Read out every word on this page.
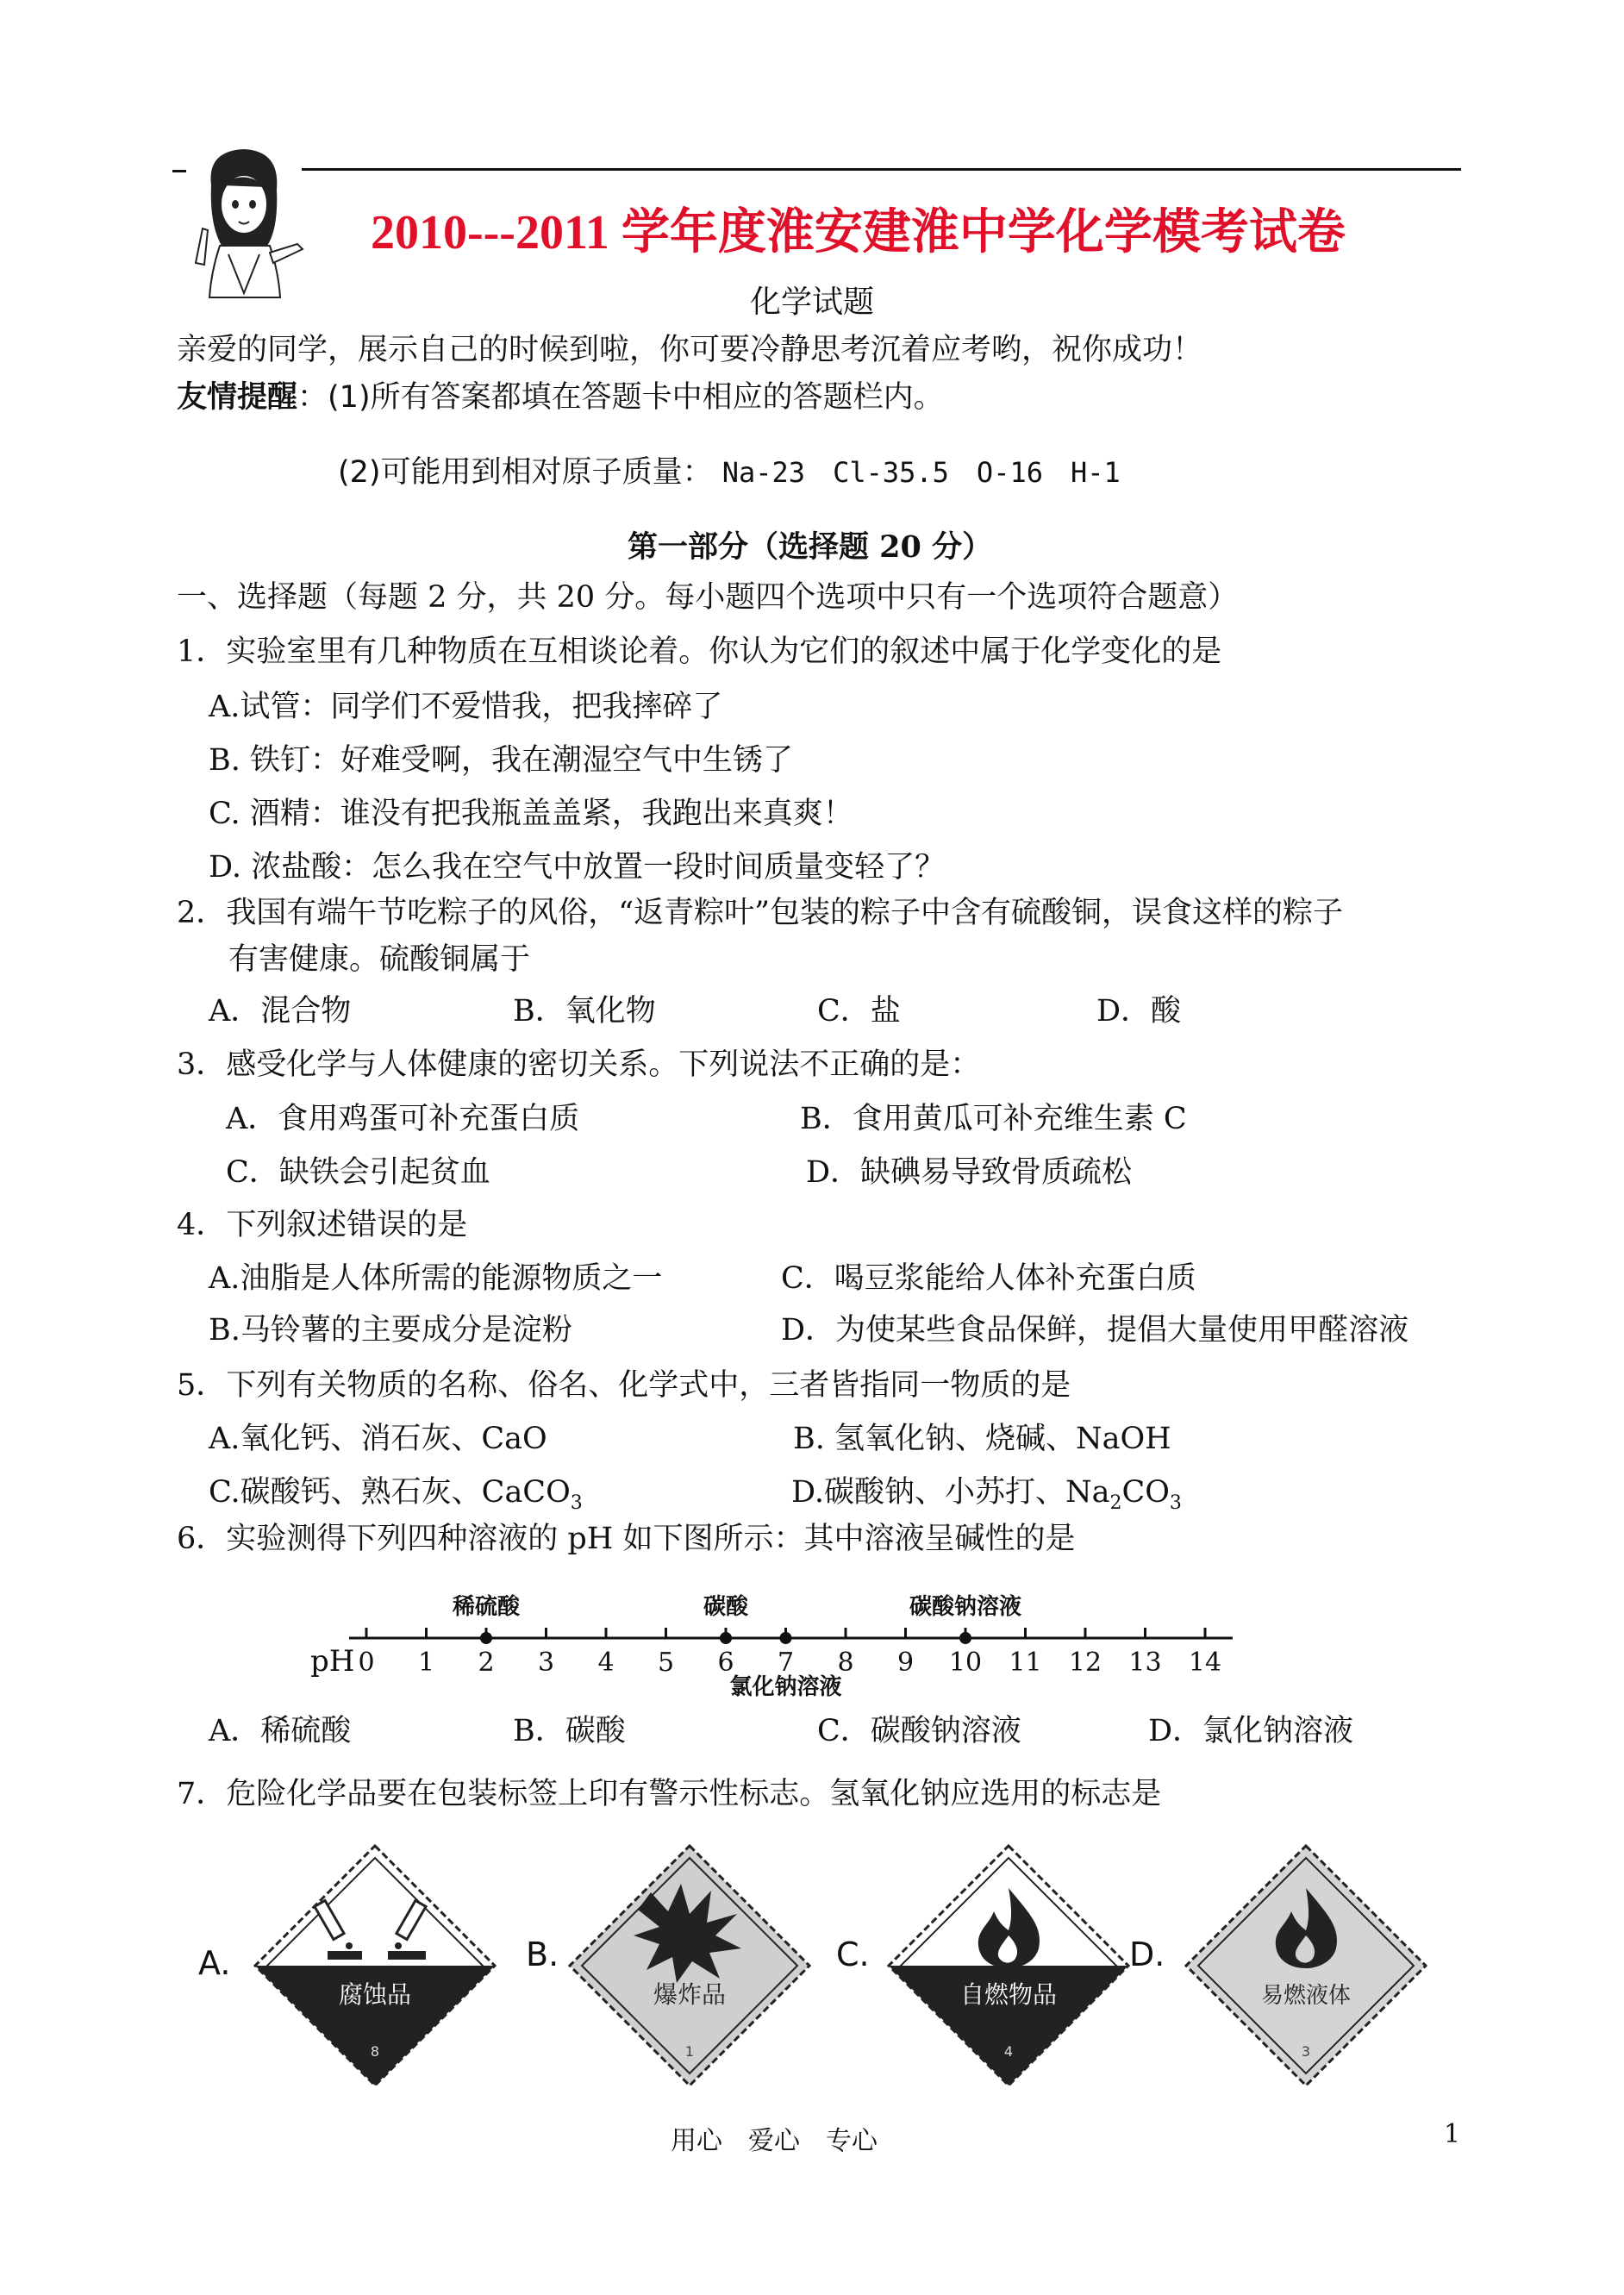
2010---2011 学年度淮安建淮中学化学模考试卷
化学试题
亲爱的同学，展示自己的时候到啦，你可要冷静思考沉着应考哟，祝你成功！
友情提醒：(1)所有答案都填在答题卡中相应的答题栏内。
(2)可能用到相对原子质量： Na-23　Cl-35.5　O-16　H-1
第一部分（选择题 20 分）
一、选择题（每题 2 分，共 20 分。每小题四个选项中只有一个选项符合题意）
1．实验室里有几种物质在互相谈论着。你认为它们的叙述中属于化学变化的是
A.试管：同学们不爱惜我，把我摔碎了
B. 铁钉：好难受啊，我在潮湿空气中生锈了
C. 酒精：谁没有把我瓶盖盖紧，我跑出来真爽！
D. 浓盐酸：怎么我在空气中放置一段时间质量变轻了？
2．我国有端午节吃粽子的风俗，“返青粽叶”包装的粽子中含有硫酸铜，误食这样的粽子
有害健康。硫酸铜属于
A．混合物	B．氧化物	C．盐	D．酸
3．感受化学与人体健康的密切关系。下列说法不正确的是：
A．食用鸡蛋可补充蛋白质	B．食用黄瓜可补充维生素 C
C．缺铁会引起贫血	D．缺碘易导致骨质疏松
4．下列叙述错误的是
A.油脂是人体所需的能源物质之一	C．喝豆浆能给人体补充蛋白质
B.马铃薯的主要成分是淀粉	D．为使某些食品保鲜，提倡大量使用甲醛溶液
5．下列有关物质的名称、俗名、化学式中，三者皆指同一物质的是
A.氧化钙、消石灰、CaO	B. 氢氧化钠、烧碱、NaOH
C.碳酸钙、熟石灰、CaCO$_3$	D.碳酸钠、小苏打、$Na_2CO_3$
6．实验测得下列四种溶液的 pH 如下图所示：其中溶液呈碱性的是
pH 0 1 2 3 4 5 6 7 8 9 10 11 12 13 14
稀硫酸	碳酸
氯化钠溶液
碳酸钠溶液
A．稀硫酸	B．碳酸	C．碳酸钠溶液	D．氯化钠溶液
7．危险化学品要在包装标签上印有警示性标志。氢氧化钠应选用的标志是
A.
腐蚀品
8
B.
爆炸品
1
C.
自燃物品
4
D.
易燃液体
3
用心　爱心　专心	1
